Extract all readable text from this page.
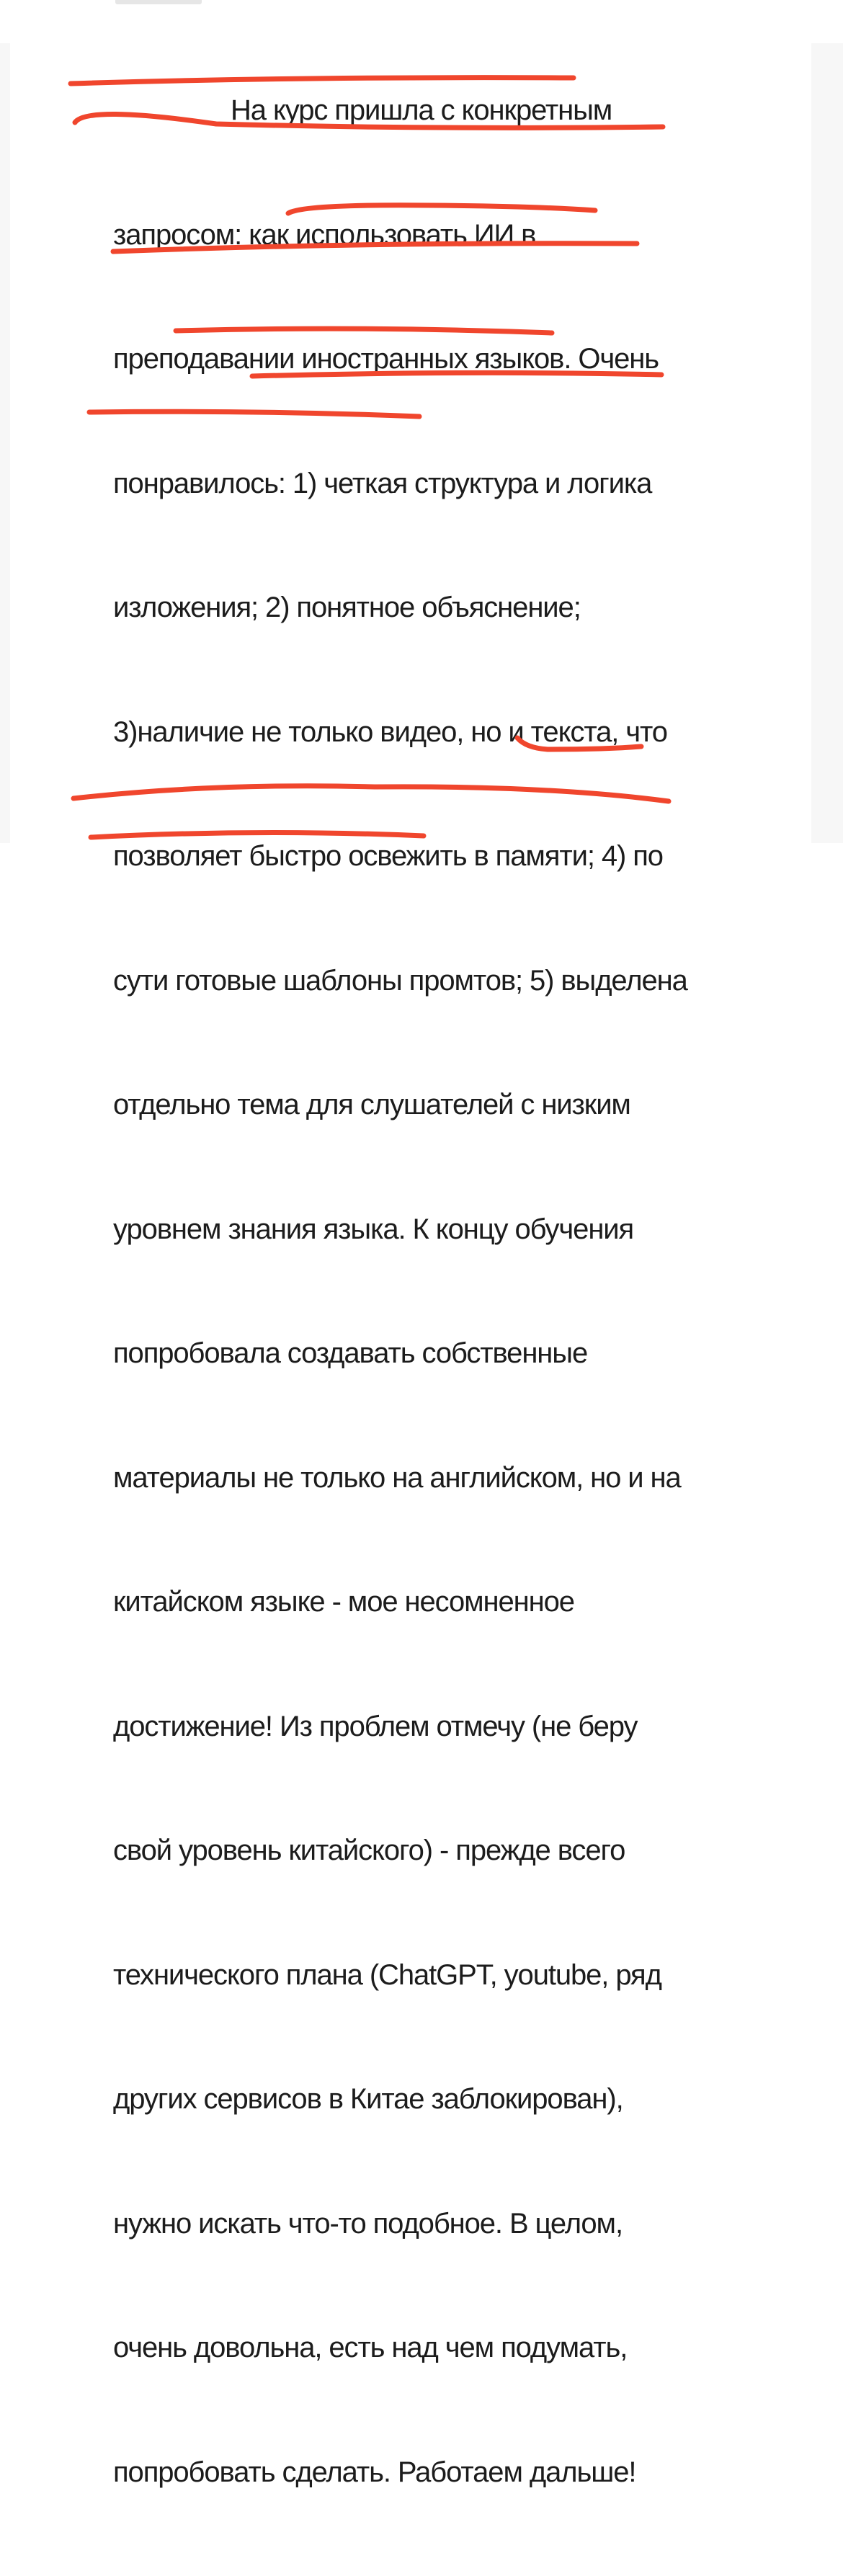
На курс пришла с конкретным

запросом: как использовать ИИ в

преподавании иностранных языков. Очень

понравилось: 1) четкая структура и логика

изложения; 2) понятное объяснение;

3)наличие не только видео, но и текста, что

позволяет быстро освежить в памяти; 4) по

сути готовые шаблоны промтов; 5) выделена

отдельно тема для слушателей с низким

уровнем знания языка. К концу обучения

попробовала создавать собственные

материалы не только на английском, но и на

китайском языке - мое несомненное

достижение! Из проблем отмечу (не беру

свой уровень китайского) - прежде всего

технического плана (ChatGPT, youtube, ряд

других сервисов в Китае заблокирован),

нужно искать что-то подобное. В целом,

очень довольна, есть над чем подумать,

попробовать сделать. Работаем дальше!
